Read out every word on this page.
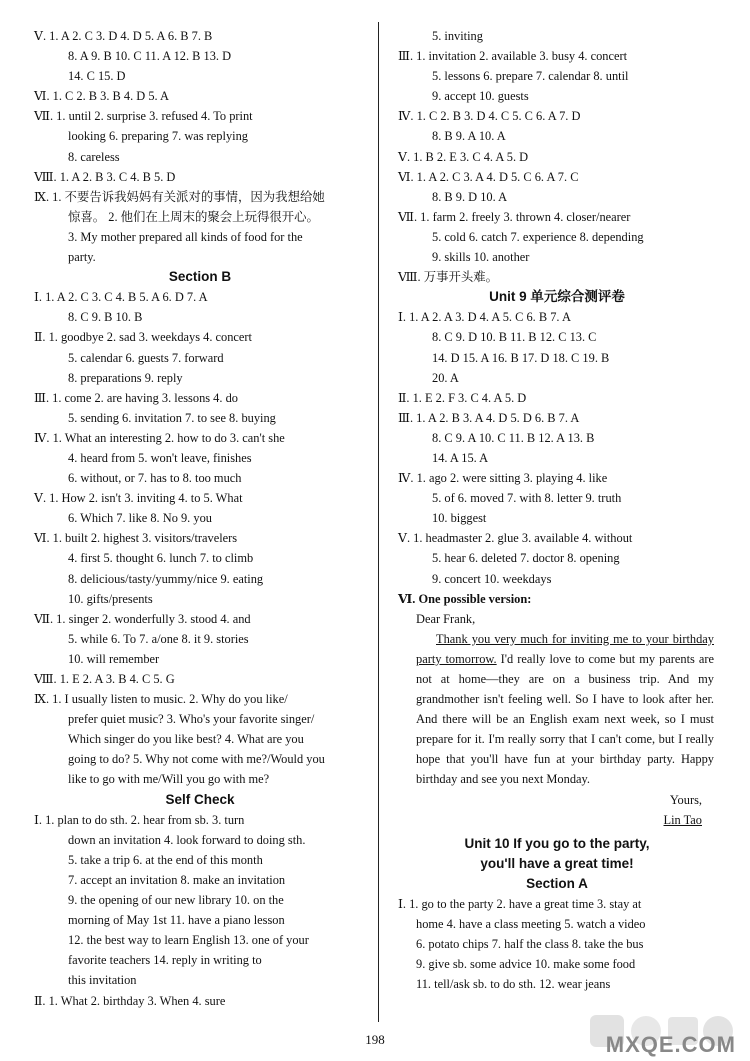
Ⅴ. 1. A 2. C 3. D 4. D 5. A 6. B 7. B
8. A 9. B 10. C 11. A 12. B 13. D
14. C 15. D
Ⅵ. 1. C 2. B 3. B 4. D 5. A
Ⅶ. 1. until 2. surprise 3. refused 4. To print
looking 6. preparing 7. was replying
8. careless
Ⅷ. 1. A 2. B 3. C 4. B 5. D
Ⅸ. 1. 不要告诉我妈妈有关派对的事情，因为我想给她
惊喜。 2. 他们在上周末的聚会上玩得很开心。
3. My mother prepared all kinds of food for the
party.
Section B
Ⅰ. 1. A 2. C 3. C 4. B 5. A 6. D 7. A
8. C 9. B 10. B
Ⅱ. 1. goodbye 2. sad 3. weekdays 4. concert
5. calendar 6. guests 7. forward
8. preparations 9. reply
Ⅲ. 1. come 2. are having 3. lessons 4. do
5. sending 6. invitation 7. to see 8. buying
Ⅳ. 1. What an interesting 2. how to do 3. can't she
4. heard from 5. won't leave, finishes
6. without, or 7. has to 8. too much
Ⅴ. 1. How 2. isn't 3. inviting 4. to 5. What
6. Which 7. like 8. No 9. you
Ⅵ. 1. built 2. highest 3. visitors/travelers
4. first 5. thought 6. lunch 7. to climb
8. delicious/tasty/yummy/nice 9. eating
10. gifts/presents
Ⅶ. 1. singer 2. wonderfully 3. stood 4. and
5. while 6. To 7. a/one 8. it 9. stories
10. will remember
Ⅷ. 1. E 2. A 3. B 4. C 5. G
Ⅸ. 1. I usually listen to music. 2. Why do you like/
prefer quiet music? 3. Who's your favorite singer/
Which singer do you like best? 4. What are you
going to do? 5. Why not come with me?/Would you
like to go with me/Will you go with me?
Self Check
Ⅰ. 1. plan to do sth. 2. hear from sb. 3. turn
down an invitation 4. look forward to doing sth.
5. take a trip 6. at the end of this month
7. accept an invitation 8. make an invitation
9. the opening of our new library 10. on the
morning of May 1st 11. have a piano lesson
12. the best way to learn English 13. one of your
favorite teachers 14. reply in writing to
this invitation
Ⅱ. 1. What 2. birthday 3. When 4. sure
5. inviting
Ⅲ. 1. invitation 2. available 3. busy 4. concert
5. lessons 6. prepare 7. calendar 8. until
9. accept 10. guests
Ⅳ. 1. C 2. B 3. D 4. C 5. C 6. A 7. D
8. B 9. A 10. A
Ⅴ. 1. B 2. E 3. C 4. A 5. D
Ⅵ. 1. A 2. C 3. A 4. D 5. C 6. A 7. C
8. B 9. D 10. A
Ⅶ. 1. farm 2. freely 3. thrown 4. closer/nearer
5. cold 6. catch 7. experience 8. depending
9. skills 10. another
Ⅷ. 万事开头难。
Unit 9 单元综合测评卷
Ⅰ. 1. A 2. A 3. D 4. A 5. C 6. B 7. A
8. C 9. D 10. B 11. B 12. C 13. C
14. D 15. A 16. B 17. D 18. C 19. B
20. A
Ⅱ. 1. E 2. F 3. C 4. A 5. D
Ⅲ. 1. A 2. B 3. A 4. D 5. D 6. B 7. A
8. C 9. A 10. C 11. B 12. A 13. B
14. A 15. A
Ⅳ. 1. ago 2. were sitting 3. playing 4. like
5. of 6. moved 7. with 8. letter 9. truth
10. biggest
Ⅴ. 1. headmaster 2. glue 3. available 4. without
5. hear 6. deleted 7. doctor 8. opening
9. concert 10. weekdays
Ⅵ. One possible version:
Dear Frank,
Thank you very much for inviting me to your birthday party tomorrow. I'd really love to come but my parents are not at home—they are on a business trip. And my grandmother isn't feeling well. So I have to look after her. And there will be an English exam next week, so I must prepare for it. I'm really sorry that I can't come, but I really hope that you'll have fun at your birthday party. Happy birthday and see you next Monday.
Yours,
Lin Tao
Unit 10 If you go to the party,
you'll have a great time!
Section A
Ⅰ. 1. go to the party 2. have a great time 3. stay at
home 4. have a class meeting 5. watch a video
6. potato chips 7. half the class 8. take the bus
9. give sb. some advice 10. make some food
11. tell/ask sb. to do sth. 12. wear jeans
198	MXQE.COM
